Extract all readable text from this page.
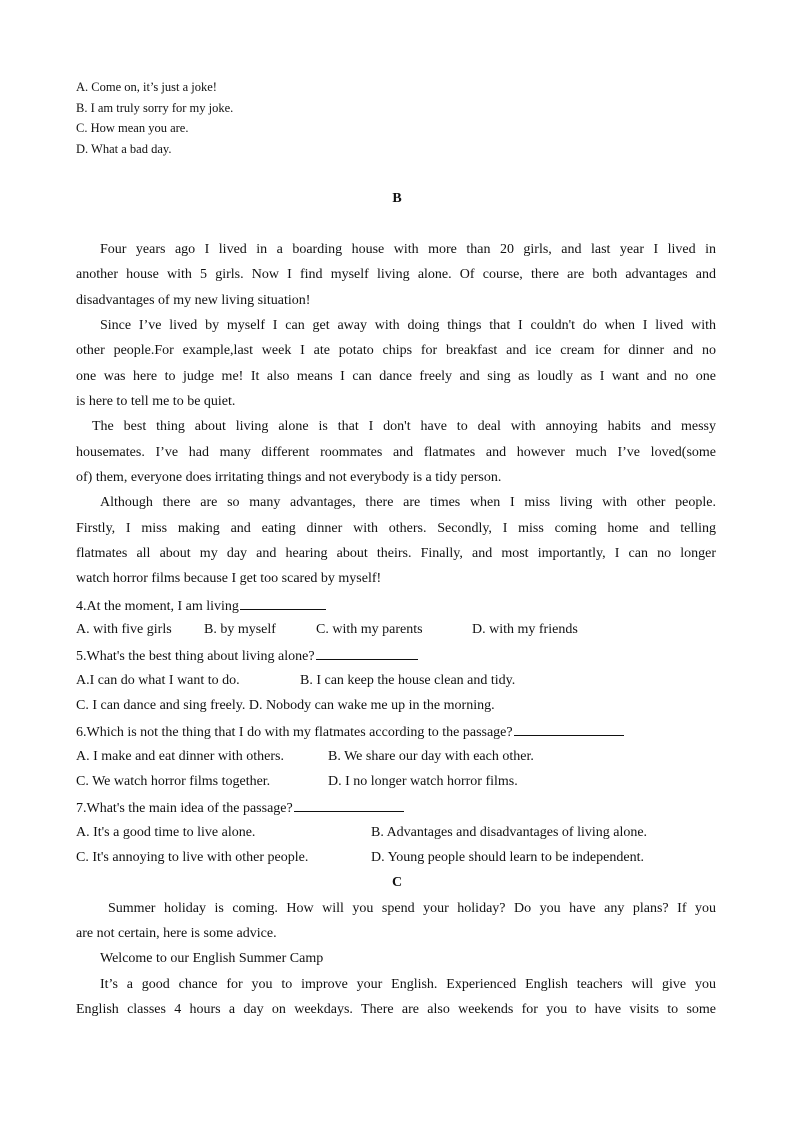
A. Come on, it’s just a joke!
B. I am truly sorry for my joke.
C. How mean you are.
D. What a bad day.
B
Four years ago I lived in a boarding house with more than 20 girls, and last year I lived in
another house with 5 girls. Now I find myself living alone. Of course, there are both advantages and
disadvantages of my new living situation!
Since I’ve lived by myself I can get away with doing things that I couldn't do when I lived with
other people.For example,last week I ate potato chips for breakfast and ice cream for dinner and no
one was here to judge me! It also means I can dance freely and sing as loudly as I want and no one
is here to tell me to be quiet.
The best thing about living alone is that I don't have to deal with annoying habits and messy
housemates. I’ve had many different roommates and flatmates and however much I’ve loved(some
of) them, everyone does irritating things and not everybody is a tidy person.
Although there are so many advantages, there are times when I miss living with other people.
Firstly, I miss making and eating dinner with others. Secondly, I miss coming home and telling
flatmates all about my day and hearing about theirs. Finally, and most importantly, I can no longer
watch horror films because I get too scared by myself!
4.At the moment, I am living
A. with five girls B. by myself	C. with my parents	D. with my friends
5.What's the best thing about living alone?
A.I can do what I want to do.	B. I can keep the house clean and tidy.
C. I can dance and sing freely. D. Nobody can wake me up in the morning.
6.Which is not the thing that I do with my flatmates according to the passage?
A. I make and eat dinner with others.	B. We share our day with each other.
C. We watch horror films together.	D. I no longer watch horror films.
7.What's the main idea of the passage?
A. It's a good time to live alone.	B. Advantages and disadvantages of living alone.
C. It's annoying to live with other people.	D. Young people should learn to be independent.
C
Summer holiday is coming. How will you spend your holiday? Do you have any plans? If you
are not certain, here is some advice.
Welcome to our English Summer Camp
It’s a good chance for you to improve your English. Experienced English teachers will give you
English classes 4 hours a day on weekdays. There are also weekends for you to have visits to some
